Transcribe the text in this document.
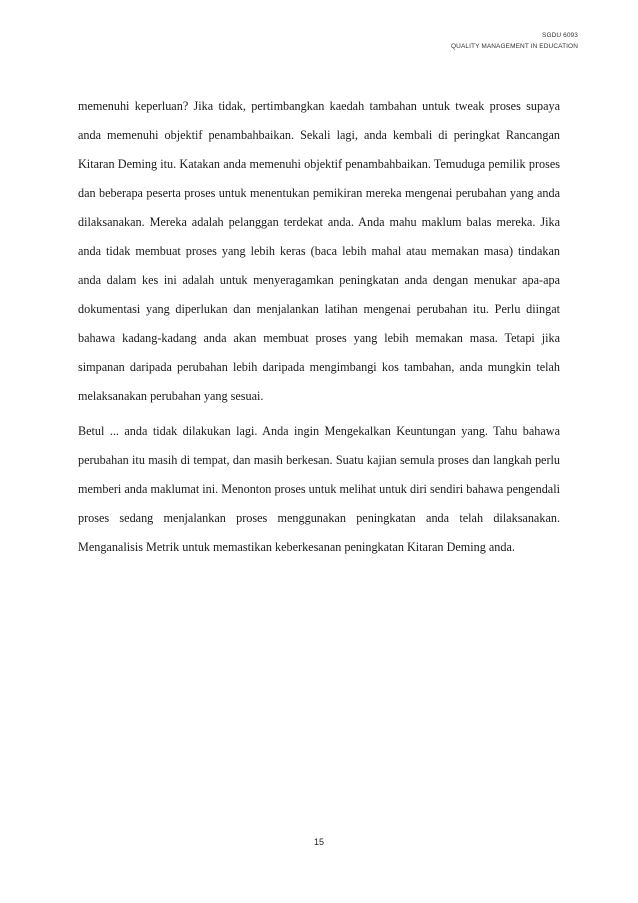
SGDU 6093
QUALITY MANAGEMENT IN EDUCATION

memenuhi keperluan? Jika tidak, pertimbangkan kaedah tambahan untuk tweak proses supaya anda memenuhi objektif penambahbaikan. Sekali lagi, anda kembali di peringkat Rancangan Kitaran Deming itu. Katakan anda memenuhi objektif penambahbaikan. Temuduga pemilik proses dan beberapa peserta proses untuk menentukan pemikiran mereka mengenai perubahan yang anda dilaksanakan. Mereka adalah pelanggan terdekat anda. Anda mahu maklum balas mereka. Jika anda tidak membuat proses yang lebih keras (baca lebih mahal atau memakan masa) tindakan anda dalam kes ini adalah untuk menyeragamkan peningkatan anda dengan menukar apa-apa dokumentasi yang diperlukan dan menjalankan latihan mengenai perubahan itu. Perlu diingat bahawa kadang-kadang anda akan membuat proses yang lebih memakan masa. Tetapi jika simpanan daripada perubahan lebih daripada mengimbangi kos tambahan, anda mungkin telah melaksanakan perubahan yang sesuai.

Betul ... anda tidak dilakukan lagi. Anda ingin Mengekalkan Keuntungan yang. Tahu bahawa perubahan itu masih di tempat, dan masih berkesan. Suatu kajian semula proses dan langkah perlu memberi anda maklumat ini. Menonton proses untuk melihat untuk diri sendiri bahawa pengendali proses sedang menjalankan proses menggunakan peningkatan anda telah dilaksanakan. Menganalisis Metrik untuk memastikan keberkesanan peningkatan Kitaran Deming anda.

15
